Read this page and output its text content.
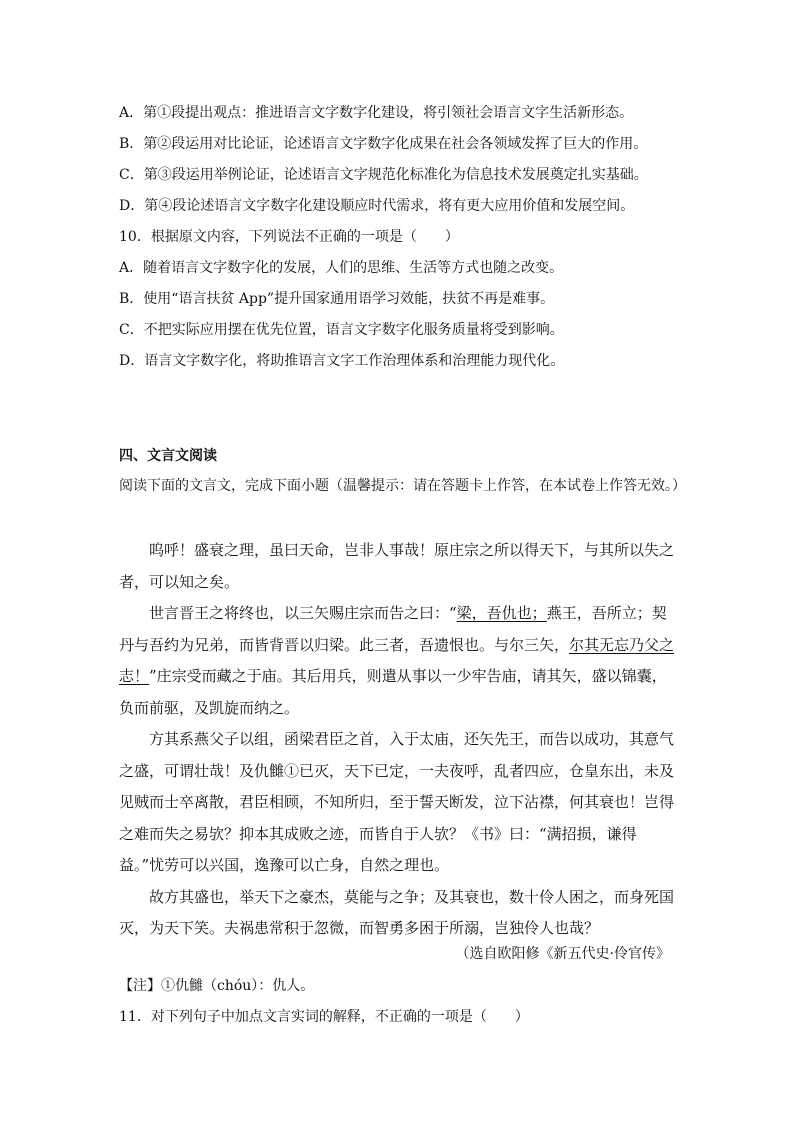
A．第①段提出观点：推进语言文字数字化建设，将引领社会语言文字生活新形态。
B．第②段运用对比论证，论述语言文字数字化成果在社会各领域发挥了巨大的作用。
C．第③段运用举例论证，论述语言文字规范化标准化为信息技术发展奠定扎实基础。
D．第④段论述语言文字数字化建设顺应时代需求，将有更大应用价值和发展空间。
10．根据原文内容，下列说法不正确的一项是（　　）
A．随着语言文字数字化的发展，人们的思维、生活等方式也随之改变。
B．使用“语言扶贫 App”提升国家通用语学习效能，扶贫不再是难事。
C．不把实际应用摆在优先位置，语言文字数字化服务质量将受到影响。
D．语言文字数字化，将助推语言文字工作治理体系和治理能力现代化。
四、文言文阅读
阅读下面的文言文，完成下面小题（温馨提示：请在答题卡上作答，在本试卷上作答无效。）

呜呼！盛衰之理，虽曰天命，岂非人事哉！原庄宗之所以得天下，与其所以失之者，可以知之矣。

世言晋王之将终也，以三矢赐庄宗而告之曰：“梁，吾仇也；燕王，吾所立；契丹与吾约为兄弟，而皆背晋以归梁。此三者，吾遗恨也。与尔三矢，尔其无忘乃父之志！”庄宗受而藏之于庙。其后用兵，则遣从事以一少牢告庙，请其矢，盛以锦囊，负而前驱，及凯旋而纳之。

方其系燕父子以组，函梁君臣之首，入于太庙，还矢先王，而告以成功，其意气之盛，可谓壮哉！及仇雠①已灭，天下已定，一夫夜呼，乱者四应，仓皇东出，未及见贼而士卒离散，君臣相顾，不知所归，至于誓天断发，泣下沾襟，何其衰也！岂得之难而失之易欤？抑本其成败之迹，而皆自于人欤？《书》曰：“满招损，谦得益。”忧劳可以兴国，逸豫可以亡身，自然之理也。

故方其盛也，举天下之豪杰，莫能与之争；及其衰也，数十伶人困之，而身死国灭，为天下笑。夫祸患常积于忽微，而智勇多困于所溺，岂独伶人也哉？

（选自欧阳修《新五代史·伶官传》
【注】①仇雠（chóu）：仇人。
11．对下列句子中加点文言实词的解释，不正确的一项是（　　）
